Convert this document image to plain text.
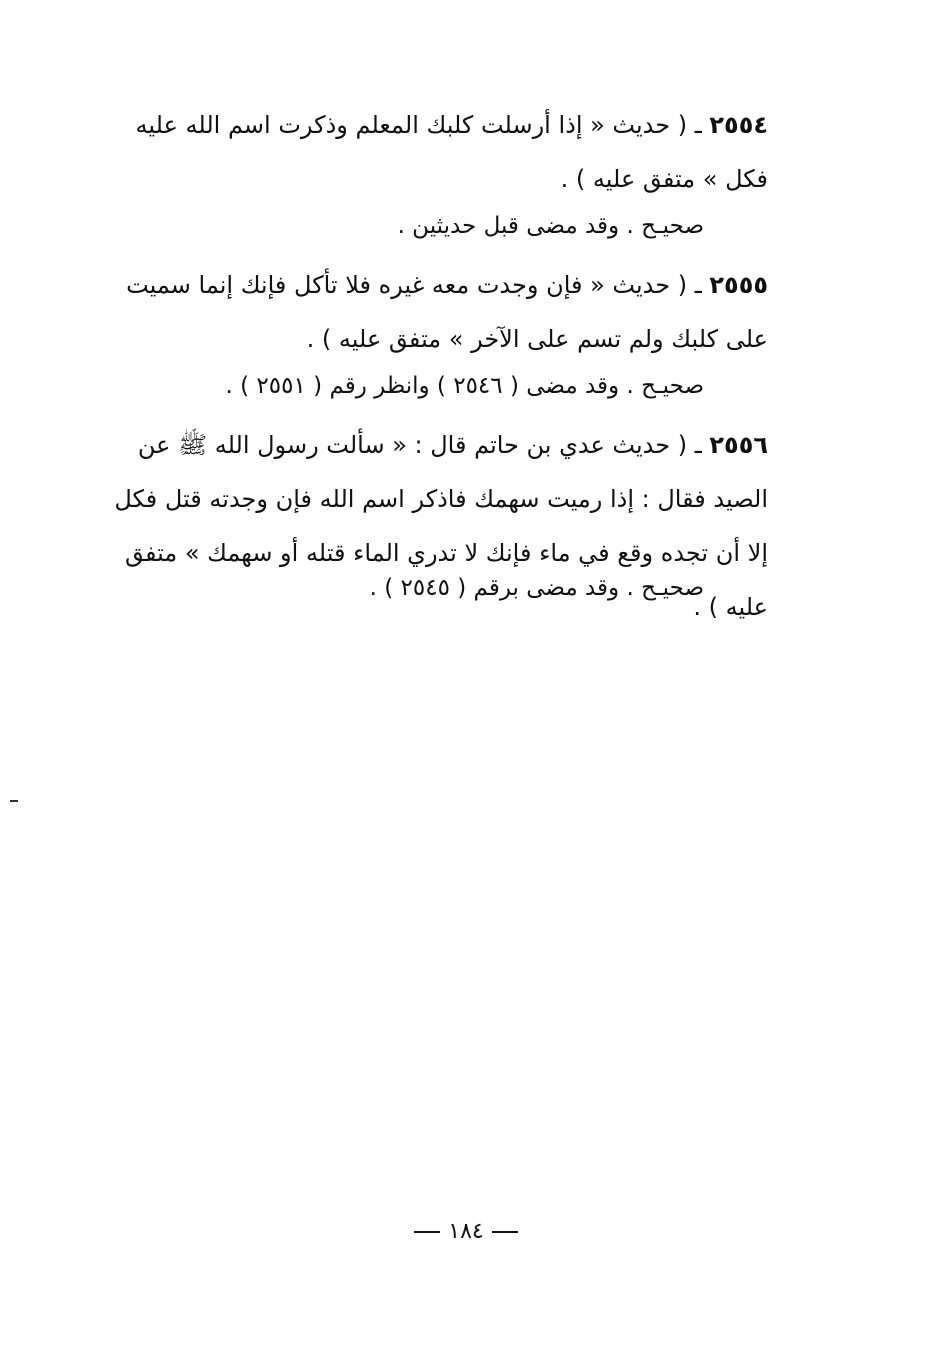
٢٥٥٤ ـ ( حديث « إذا أرسلت كلبك المعلم وذكرت اسم الله عليه فكل » متفق عليه ) .

صحيـح . وقد مضى قبل حديثين .

٢٥٥٥ ـ ( حديث « فإن وجدت معه غيره فلا تأكل فإنك إنما سميت على كلبك ولم تسم على الآخر » متفق عليه ) .

صحيـح . وقد مضى ( ٢٥٤٦ ) وانظر رقم ( ٢٥٥١ ) .

٢٥٥٦ ـ ( حديث عدي بن حاتم قال : « سألت رسول الله ﷺ عن الصيد فقال : إذا رميت سهمك فاذكر اسم الله فإن وجدته قتل فكل إلا أن تجده وقع في ماء فإنك لا تدري الماء قتله أو سهمك » متفق عليه ) .

صحيـح . وقد مضى برقم ( ٢٥٤٥ ) .

١٨٤
